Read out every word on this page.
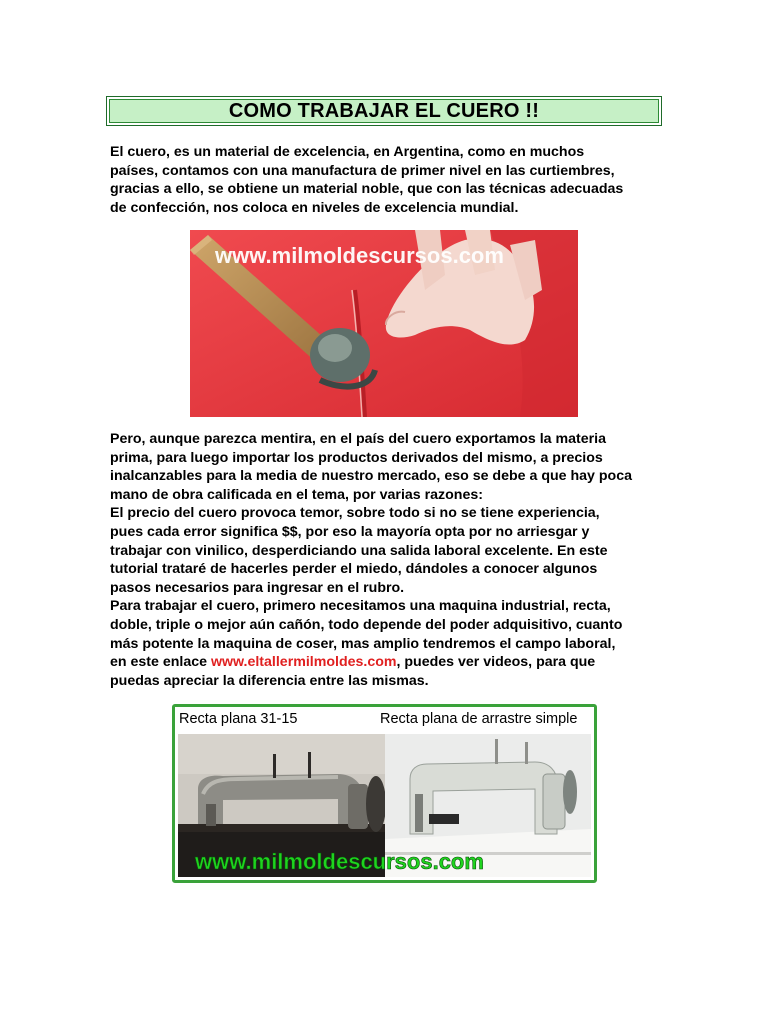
COMO TRABAJAR EL CUERO !!
El cuero, es un material de excelencia, en Argentina, como en muchos
países, contamos con una manufactura de primer nivel en las curtiembres,
gracias a ello, se obtiene un material noble, que con las técnicas adecuadas
de confección, nos coloca en niveles de excelencia mundial.
www.milmoldescursos.com
Pero, aunque parezca mentira, en el país del cuero exportamos la materia
prima, para luego importar los productos derivados del mismo, a precios
inalcanzables para la media de nuestro mercado, eso se debe a que hay poca
mano de obra calificada en el tema, por varias razones:
El precio del cuero provoca temor, sobre todo si no se tiene experiencia,
pues cada error significa $$, por eso la mayoría opta por no arriesgar y
trabajar con vinilico, desperdiciando una salida laboral excelente. En este
tutorial trataré de hacerles perder el miedo, dándoles a conocer algunos
pasos necesarios para ingresar en el rubro.
Para trabajar el cuero, primero necesitamos una maquina industrial, recta,
doble, triple o mejor aún cañón, todo depende del poder adquisitivo, cuanto
más potente la maquina de coser, mas amplio tendremos el campo laboral,
en este enlace www.eltallermilmoldes.com, puedes ver videos, para que
puedas apreciar la diferencia entre las mismas.
Recta plana 31-15	Recta plana de arrastre simple
www.milmoldescursos.com
